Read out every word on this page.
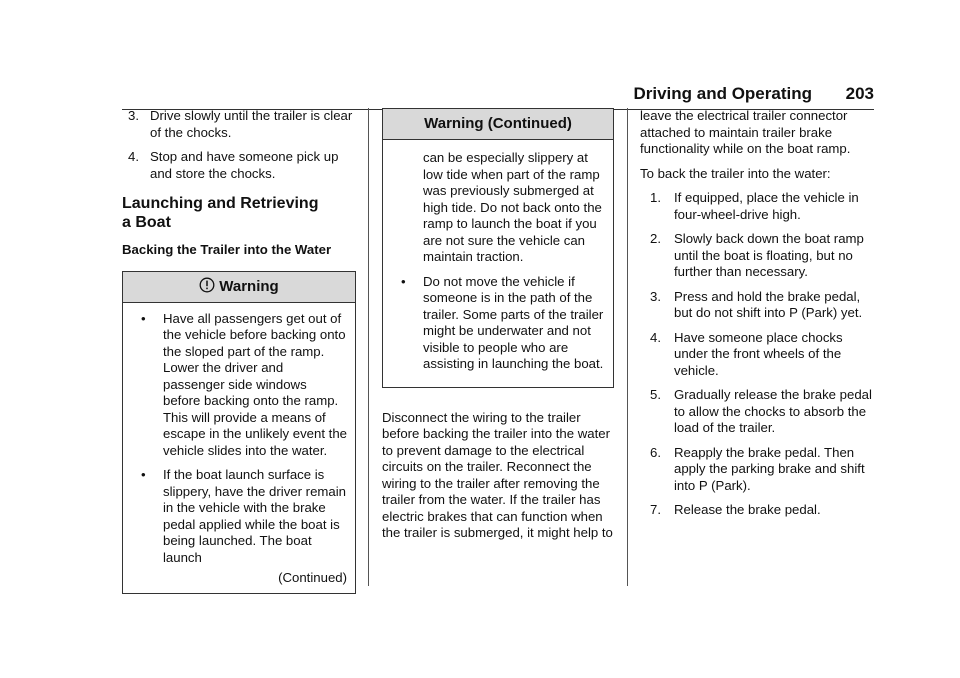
Driving and Operating 203
3. Drive slowly until the trailer is clear of the chocks.
4. Stop and have someone pick up and store the chocks.
Launching and Retrieving
a Boat
Backing the Trailer into the Water
Warning
• Have all passengers get out of the vehicle before backing onto the sloped part of the ramp. Lower the driver and passenger side windows before backing onto the ramp. This will provide a means of escape in the unlikely event the vehicle slides into the water.
• If the boat launch surface is slippery, have the driver remain in the vehicle with the brake pedal applied while the boat is being launched. The boat launch
(Continued)
Warning (Continued)
can be especially slippery at low tide when part of the ramp was previously submerged at high tide. Do not back onto the ramp to launch the boat if you are not sure the vehicle can maintain traction.
• Do not move the vehicle if someone is in the path of the trailer. Some parts of the trailer might be underwater and not visible to people who are assisting in launching the boat.

Disconnect the wiring to the trailer before backing the trailer into the water to prevent damage to the electrical circuits on the trailer. Reconnect the wiring to the trailer after removing the trailer from the water. If the trailer has electric brakes that can function when the trailer is submerged, it might help to

leave the electrical trailer connector attached to maintain trailer brake functionality while on the boat ramp.

To back the trailer into the water:

1. If equipped, place the vehicle in four-wheel-drive high.
2. Slowly back down the boat ramp until the boat is floating, but no further than necessary.
3. Press and hold the brake pedal, but do not shift into P (Park) yet.
4. Have someone place chocks under the front wheels of the vehicle.
5. Gradually release the brake pedal to allow the chocks to absorb the load of the trailer.
6. Reapply the brake pedal. Then apply the parking brake and shift into P (Park).
7. Release the brake pedal.
